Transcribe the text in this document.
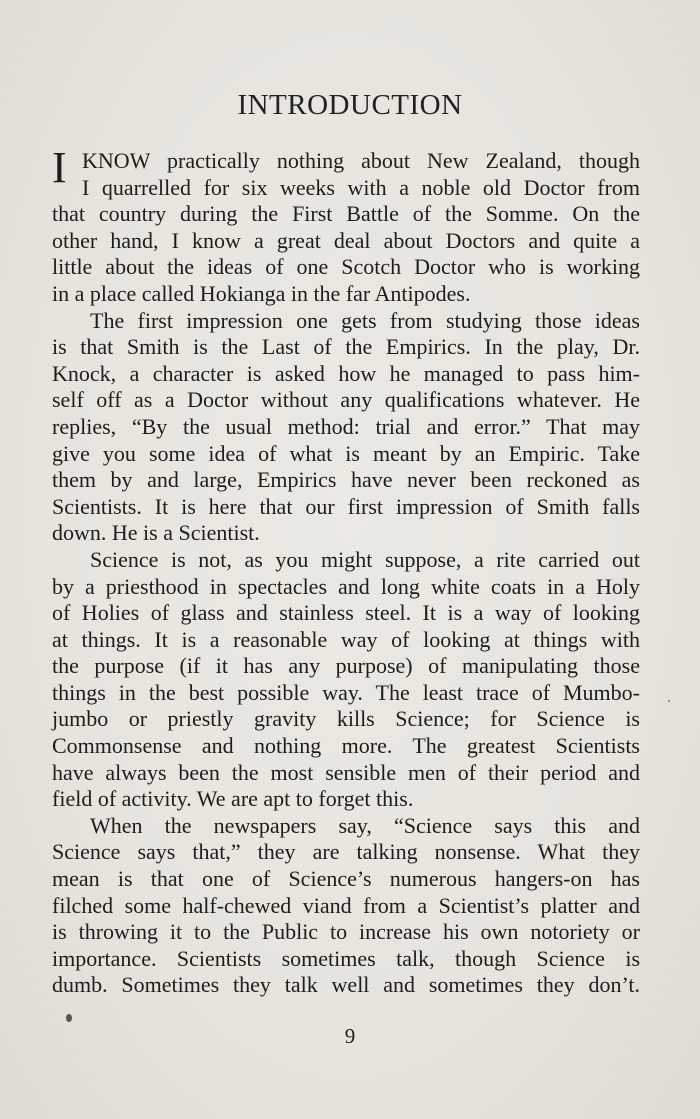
INTRODUCTION
I KNOW practically nothing about New Zealand, though
I quarrelled for six weeks with a noble old Doctor from
that country during the First Battle of the Somme. On the
other hand, I know a great deal about Doctors and quite a
little about the ideas of one Scotch Doctor who is working
in a place called Hokianga in the far Antipodes.
The first impression one gets from studying those ideas
is that Smith is the Last of the Empirics. In the play, Dr.
Knock, a character is asked how he managed to pass him-
self off as a Doctor without any qualifications whatever. He
replies, “By the usual method: trial and error.” That may
give you some idea of what is meant by an Empiric. Take
them by and large, Empirics have never been reckoned as
Scientists. It is here that our first impression of Smith falls
down. He is a Scientist.
Science is not, as you might suppose, a rite carried out
by a priesthood in spectacles and long white coats in a Holy
of Holies of glass and stainless steel. It is a way of looking
at things. It is a reasonable way of looking at things with
the purpose (if it has any purpose) of manipulating those
things in the best possible way. The least trace of Mumbo-
jumbo or priestly gravity kills Science; for Science is
Commonsense and nothing more. The greatest Scientists
have always been the most sensible men of their period and
field of activity. We are apt to forget this.
When the newspapers say, “Science says this and
Science says that,” they are talking nonsense. What they
mean is that one of Science’s numerous hangers-on has
filched some half-chewed viand from a Scientist’s platter and
is throwing it to the Public to increase his own notoriety or
importance. Scientists sometimes talk, though Science is
dumb. Sometimes they talk well and sometimes they don’t.
9
